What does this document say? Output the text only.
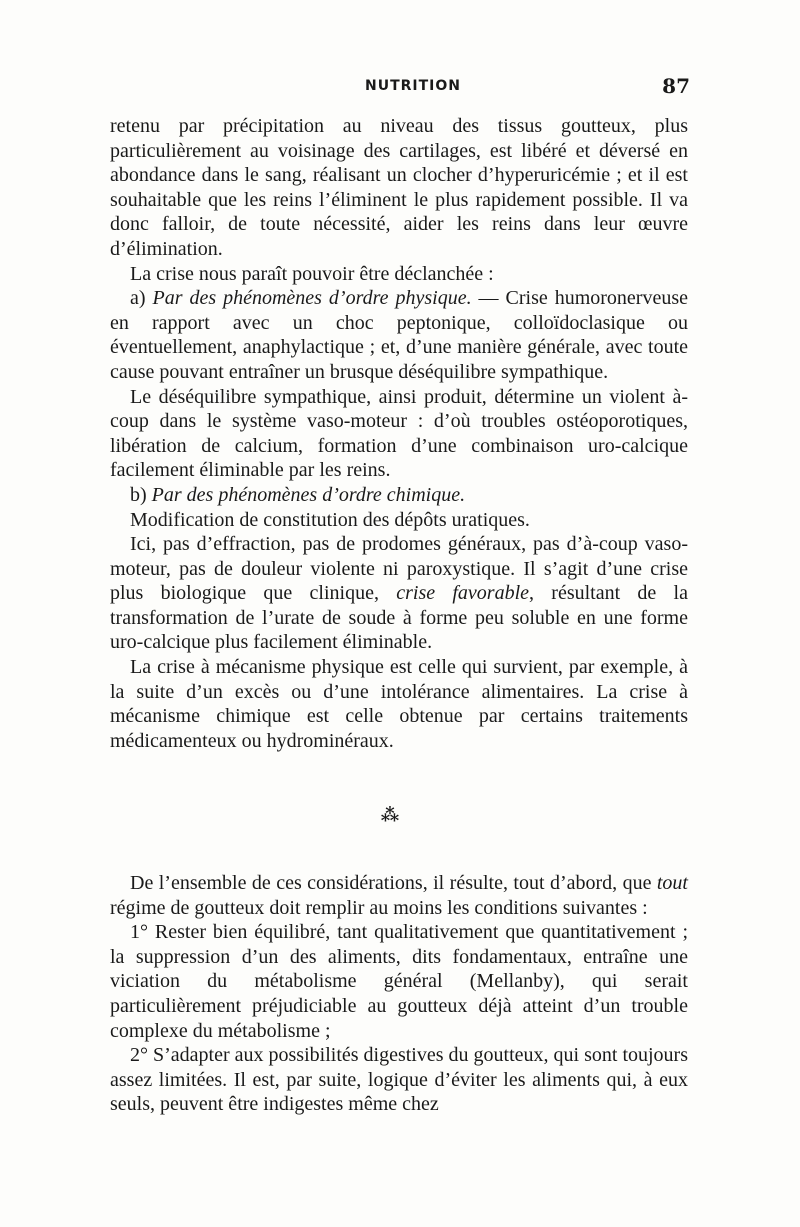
NUTRITION	87

retenu par précipitation au niveau des tissus goutteux, plus particulièrement au voisinage des cartilages, est libéré et déversé en abondance dans le sang, réalisant un clocher d’hyperuricémie ; et il est souhaitable que les reins l’éliminent le plus rapidement possible. Il va donc falloir, de toute nécessité, aider les reins dans leur œuvre d’élimination.

La crise nous paraît pouvoir être déclanchée :

a) Par des phénomènes d’ordre physique. — Crise humoronerveuse en rapport avec un choc peptonique, colloïdoclasique ou éventuellement, anaphylactique ; et, d’une manière générale, avec toute cause pouvant entraîner un brusque déséquilibre sympathique.

Le déséquilibre sympathique, ainsi produit, détermine un violent à-coup dans le système vaso-moteur : d’où troubles ostéoporotiques, libération de calcium, formation d’une combinaison uro-calcique facilement éliminable par les reins.

b) Par des phénomènes d’ordre chimique.

Modification de constitution des dépôts uratiques.

Ici, pas d’effraction, pas de prodomes généraux, pas d’à-coup vaso-moteur, pas de douleur violente ni paroxystique. Il s’agit d’une crise plus biologique que clinique, crise favorable, résultant de la transformation de l’urate de soude à forme peu soluble en une forme uro-calcique plus facilement éliminable.

La crise à mécanisme physique est celle qui survient, par exemple, à la suite d’un excès ou d’une intolérance alimentaires. La crise à mécanisme chimique est celle obtenue par certains traitements médicamenteux ou hydrominéraux.

⁂

De l’ensemble de ces considérations, il résulte, tout d’abord, que tout régime de goutteux doit remplir au moins les conditions suivantes :

1° Rester bien équilibré, tant qualitativement que quantitativement ; la suppression d’un des aliments, dits fondamentaux, entraîne une viciation du métabolisme général (Mellanby), qui serait particulièrement préjudiciable au goutteux déjà atteint d’un trouble complexe du métabolisme ;

2° S’adapter aux possibilités digestives du goutteux, qui sont toujours assez limitées. Il est, par suite, logique d’éviter les aliments qui, à eux seuls, peuvent être indigestes même chez
